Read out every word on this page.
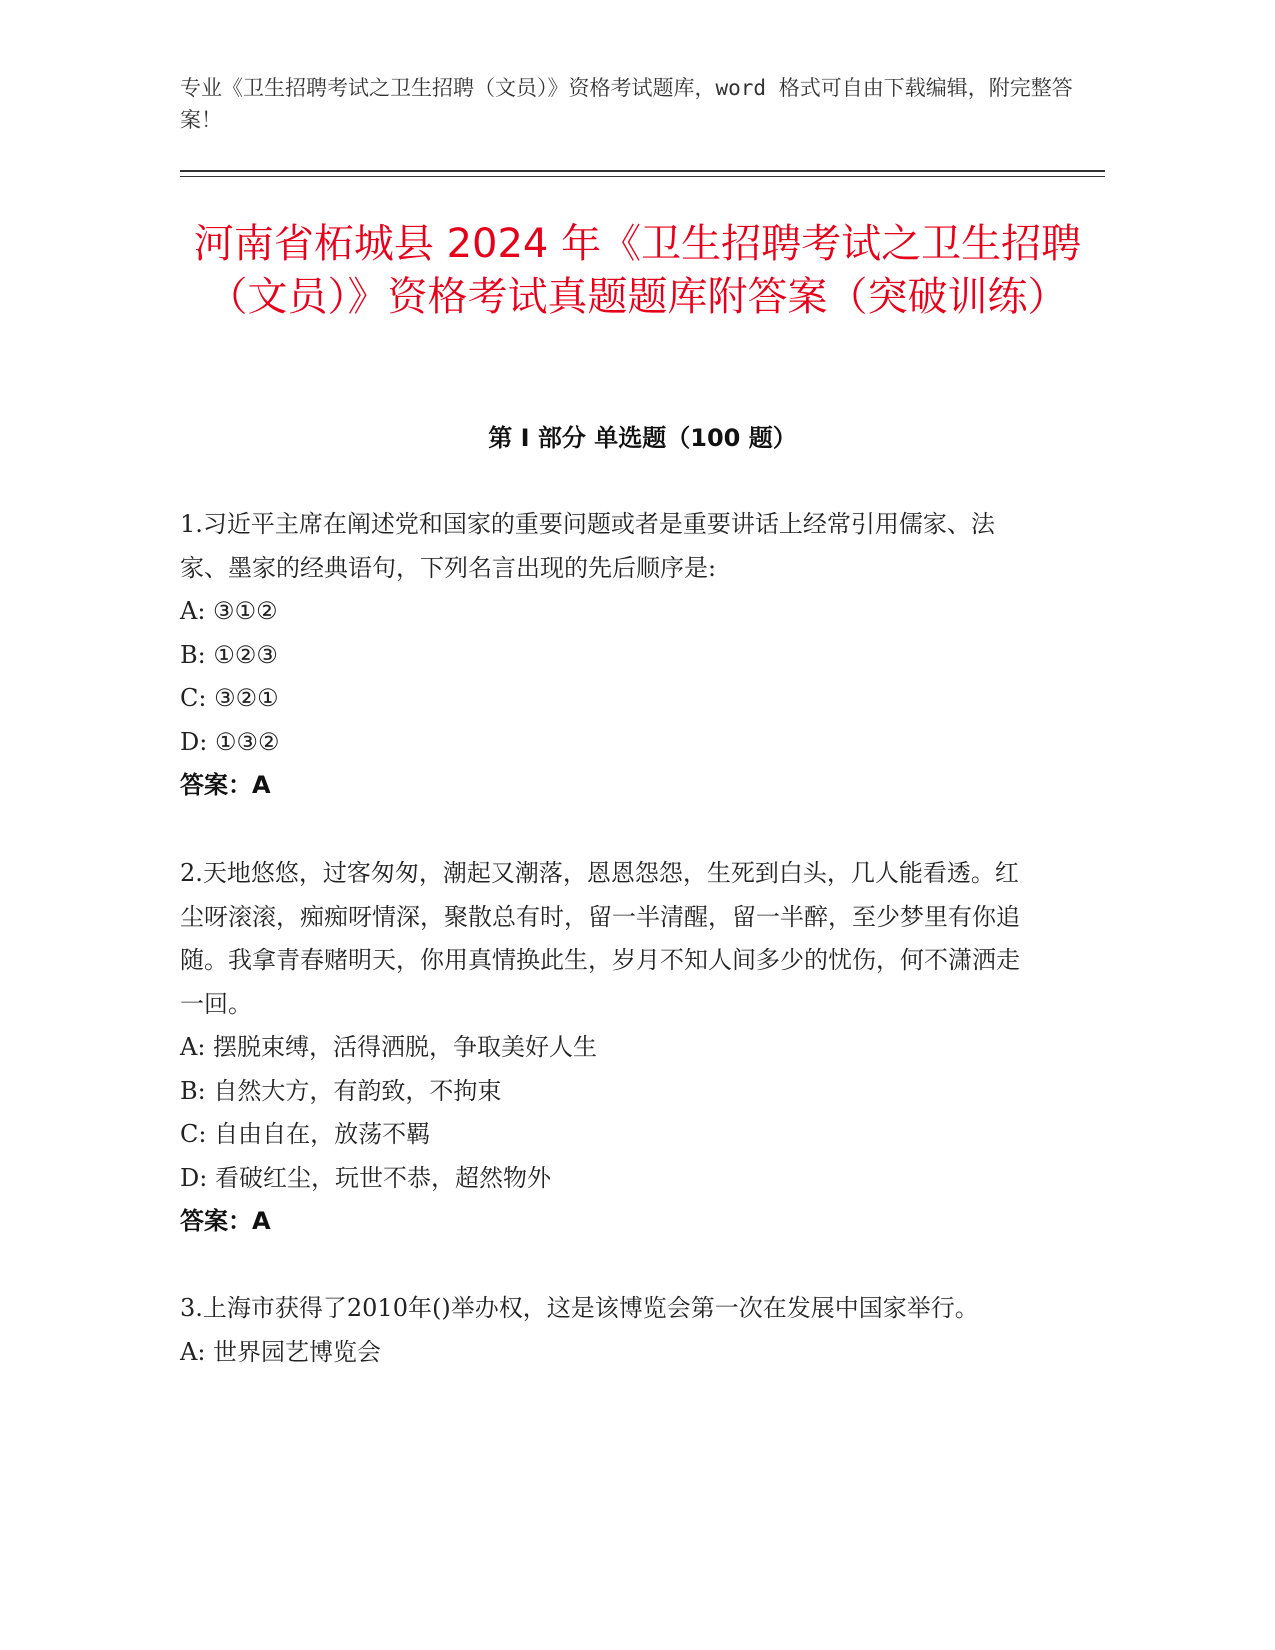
专业《卫生招聘考试之卫生招聘（文员）》资格考试题库，word 格式可自由下载编辑，附完整答案！

河南省柘城县 2024 年《卫生招聘考试之卫生招聘（文员）》资格考试真题题库附答案（突破训练）
第 I 部分 单选题（100 题）

1.习近平主席在阐述党和国家的重要问题或者是重要讲话上经常引用儒家、法家、墨家的经典语句，下列名言出现的先后顺序是:

A: ③①②

B: ①②③

C: ③②①

D: ①③②

答案：A

2.天地悠悠，过客匆匆，潮起又潮落，恩恩怨怨，生死到白头，几人能看透。红尘呀滚滚，痴痴呀情深，聚散总有时，留一半清醒，留一半醉，至少梦里有你追随。我拿青春赌明天，你用真情换此生，岁月不知人间多少的忧伤，何不潇洒走一回。

A: 摆脱束缚，活得洒脱，争取美好人生

B: 自然大方，有韵致，不拘束

C: 自由自在，放荡不羁

D: 看破红尘，玩世不恭，超然物外

答案：A

3.上海市获得了2010年()举办权，这是该博览会第一次在发展中国家举行。

A: 世界园艺博览会
